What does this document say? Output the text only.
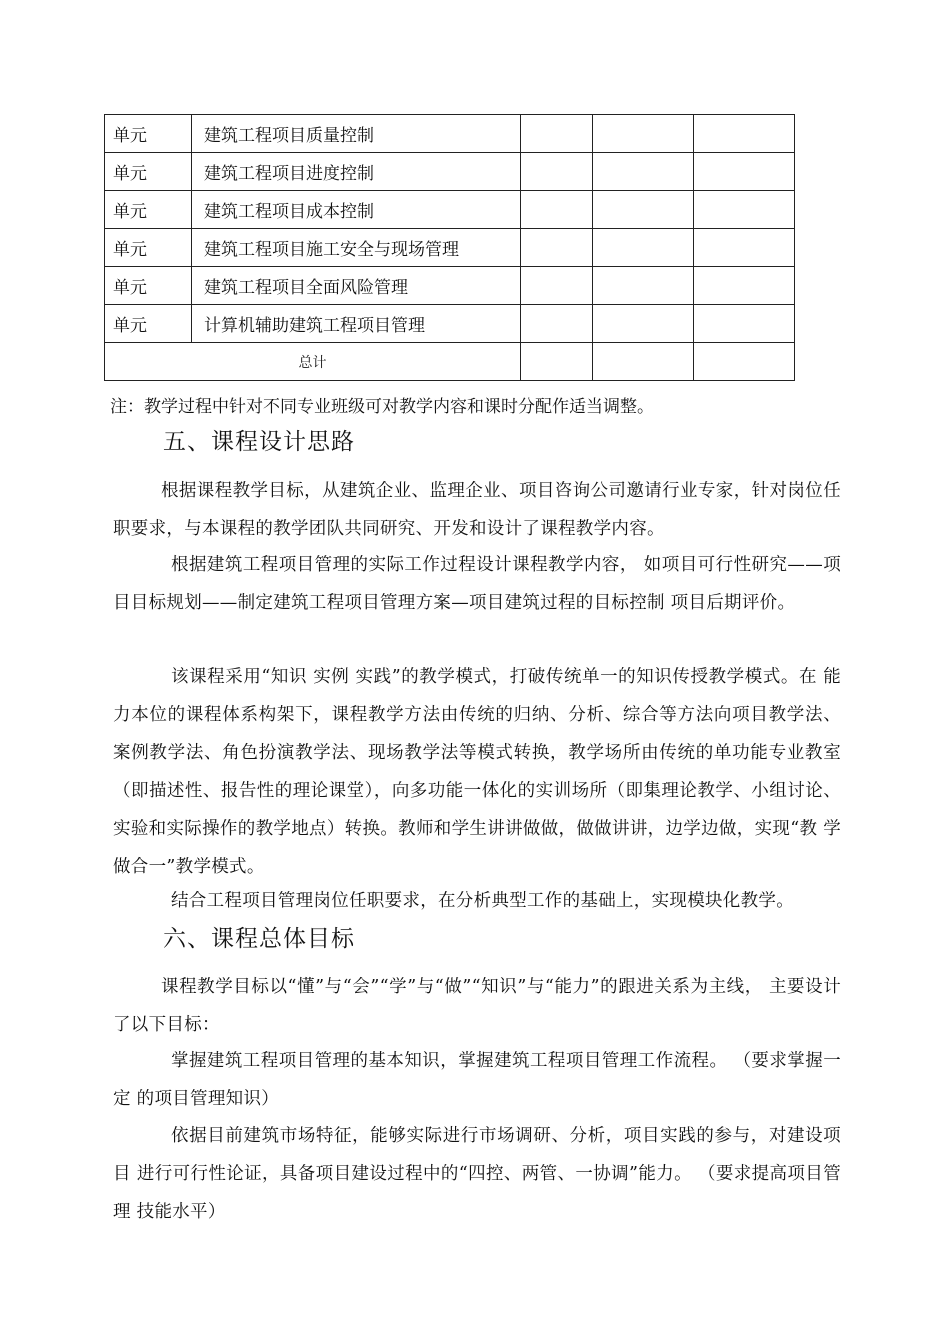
单元	建筑工程项目质量控制			
单元	建筑工程项目进度控制			
单元	建筑工程项目成本控制			
单元	建筑工程项目施工安全与现场管理			
单元	建筑工程项目全面风险管理			
单元	计算机辅助建筑工程项目管理			
总计				
注：教学过程中针对不同专业班级可对教学内容和课时分配作适当调整。
五、课程设计思路
根据课程教学目标，从建筑企业、监理企业、项目咨询公司邀请行业专家，针对岗位任 职要求，与本课程的教学团队共同研究、开发和设计了课程教学内容。
根据建筑工程项目管理的实际工作过程设计课程教学内容， 如项目可行性研究——项 目目标规划——制定建筑工程项目管理方案—项目建筑过程的目标控制 项目后期评价。
该课程采用“知识 实例 实践”的教学模式，打破传统单一的知识传授教学模式。在 能力本位的课程体系构架下，课程教学方法由传统的归纳、分析、综合等方法向项目教学法、 案例教学法、角色扮演教学法、现场教学法等模式转换，教学场所由传统的单功能专业教室 （即描述性、报告性的理论课堂），向多功能一体化的实训场所（即集理论教学、小组讨论、 实验和实际操作的教学地点）转换。教师和学生讲讲做做，做做讲讲，边学边做，实现“教 学做合一”教学模式。
结合工程项目管理岗位任职要求，在分析典型工作的基础上，实现模块化教学。
六、课程总体目标
课程教学目标以“懂”与“会”“学”与“做”“知识”与“能力”的跟进关系为主线， 主要设计了以下目标：
掌握建筑工程项目管理的基本知识，掌握建筑工程项目管理工作流程。 （要求掌握一定 的项目管理知识）
依据目前建筑市场特征，能够实际进行市场调研、分析，项目实践的参与，对建设项目 进行可行性论证，具备项目建设过程中的“四控、两管、一协调”能力。 （要求提高项目管理 技能水平）
